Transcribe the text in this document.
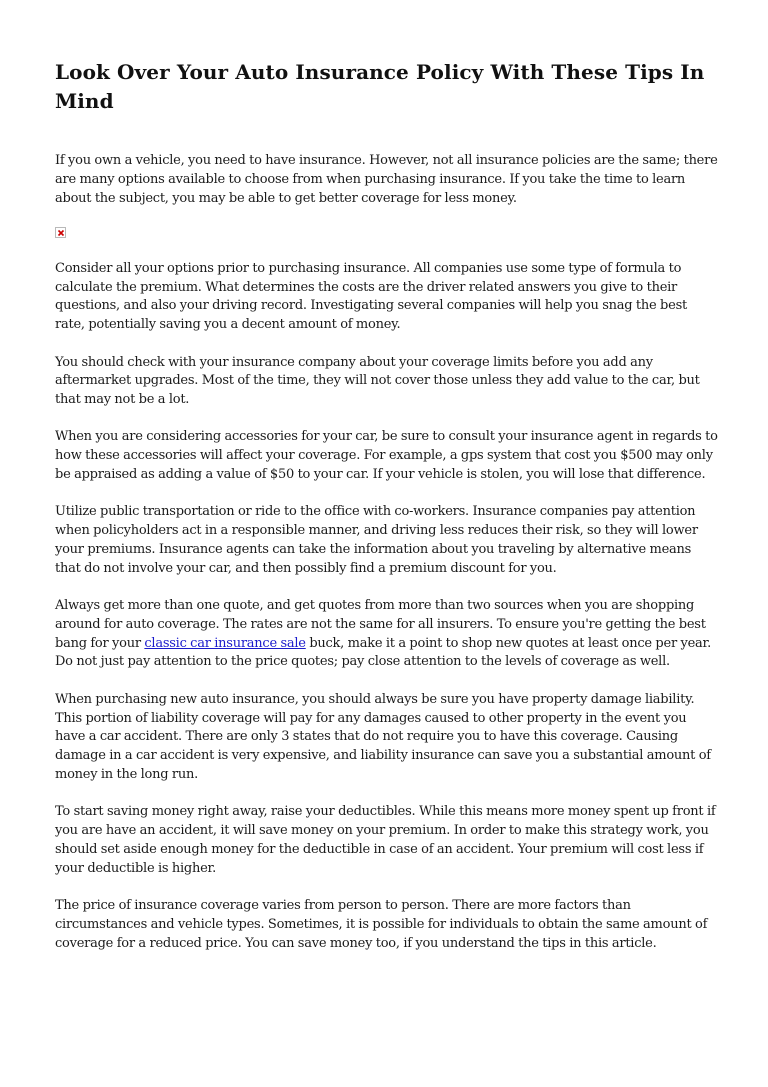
Look Over Your Auto Insurance Policy With These Tips In Mind

If you own a vehicle, you need to have insurance. However, not all insurance policies are the same; there are many options available to choose from when purchasing insurance. If you take the time to learn about the subject, you may be able to get better coverage for less money.

Consider all your options prior to purchasing insurance. All companies use some type of formula to calculate the premium. What determines the costs are the driver related answers you give to their questions, and also your driving record. Investigating several companies will help you snag the best rate, potentially saving you a decent amount of money.

You should check with your insurance company about your coverage limits before you add any aftermarket upgrades. Most of the time, they will not cover those unless they add value to the car, but that may not be a lot.

When you are considering accessories for your car, be sure to consult your insurance agent in regards to how these accessories will affect your coverage. For example, a gps system that cost you $500 may only be appraised as adding a value of $50 to your car. If your vehicle is stolen, you will lose that difference.

Utilize public transportation or ride to the office with co-workers. Insurance companies pay attention when policyholders act in a responsible manner, and driving less reduces their risk, so they will lower your premiums. Insurance agents can take the information about you traveling by alternative means that do not involve your car, and then possibly find a premium discount for you.

Always get more than one quote, and get quotes from more than two sources when you are shopping around for auto coverage. The rates are not the same for all insurers. To ensure you're getting the best bang for your classic car insurance sale buck, make it a point to shop new quotes at least once per year. Do not just pay attention to the price quotes; pay close attention to the levels of coverage as well.

When purchasing new auto insurance, you should always be sure you have property damage liability. This portion of liability coverage will pay for any damages caused to other property in the event you have a car accident. There are only 3 states that do not require you to have this coverage. Causing damage in a car accident is very expensive, and liability insurance can save you a substantial amount of money in the long run.

To start saving money right away, raise your deductibles. While this means more money spent up front if you are have an accident, it will save money on your premium. In order to make this strategy work, you should set aside enough money for the deductible in case of an accident. Your premium will cost less if your deductible is higher.

The price of insurance coverage varies from person to person. There are more factors than circumstances and vehicle types. Sometimes, it is possible for individuals to obtain the same amount of coverage for a reduced price. You can save money too, if you understand the tips in this article.
